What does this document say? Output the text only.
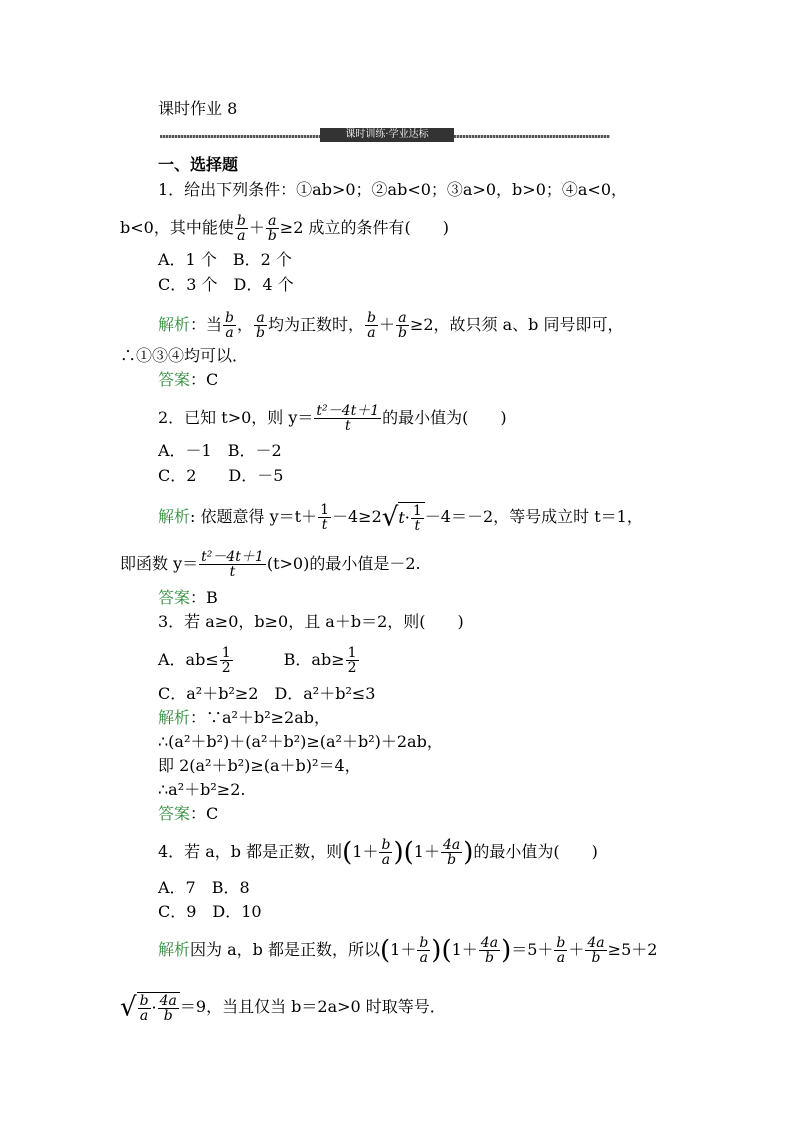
课时作业 8
课时训练·学业达标
一、选择题
1．给出下列条件：①ab>0；②ab<0；③a>0，b>0；④a<0，
b<0，其中能使 $\frac{b}{a} + \frac{a}{b} \ge 2$ 成立的条件有(　　)
A．1 个　B．2 个
C．3 个　D．4 个
解析：当 $\frac{b}{a}$ ， $\frac{a}{b}$ 均为正数时， $\frac{b}{a} + \frac{a}{b} \ge 2$，故只须 a、b 同号即可，
∴①③④均可以．
答案：C
2．已知 t>0，则 $y= \frac{\text{t²－4t＋1}}{t}$ 的最小值为(　　)
A．－1　B．－2
C．2　　D．－5
解析: 依题意得 $y=t+ \frac{1}{t} -4\ge 2√t\cdot \frac{1}{t} -4=-2$，等号成立时 t＝1，
即函数 $y= \frac{\text{t²－4t＋1}}{t} (t>0)$的最小值是－2.
答案：B
3．若 a≥0，b≥0，且 a＋b＝2，则(　　)
A．$ab\le \frac{1}{2}$	B．$ab\ge \frac{1}{2}$
C．a²＋b²≥2　D．a²＋b²≤3
解析：∵a²＋b²≥2ab，
∴(a²＋b²)＋(a²＋b²)≥(a²＋b²)＋2ab，
即 2(a²＋b²)≥(a＋b)²＝4，
∴a²＋b²≥2.
答案：C
4．若 a，b 都是正数，则$(1+ \frac{b}{a} )(1+ \frac{4a}{b}$ )的最小值为(　　)
A．7　B．8
C．9　D．10
解析因为 a，b 都是正数，所以$(1+ \frac{b}{a} )(1+ \frac{4a}{b} )=5+ \frac{b}{a} + \frac{4a}{b} \ge 5+2$
√ $\frac{b}{a} \cdot \frac{4a}{b} =9$，当且仅当 b＝2a>0 时取等号．
